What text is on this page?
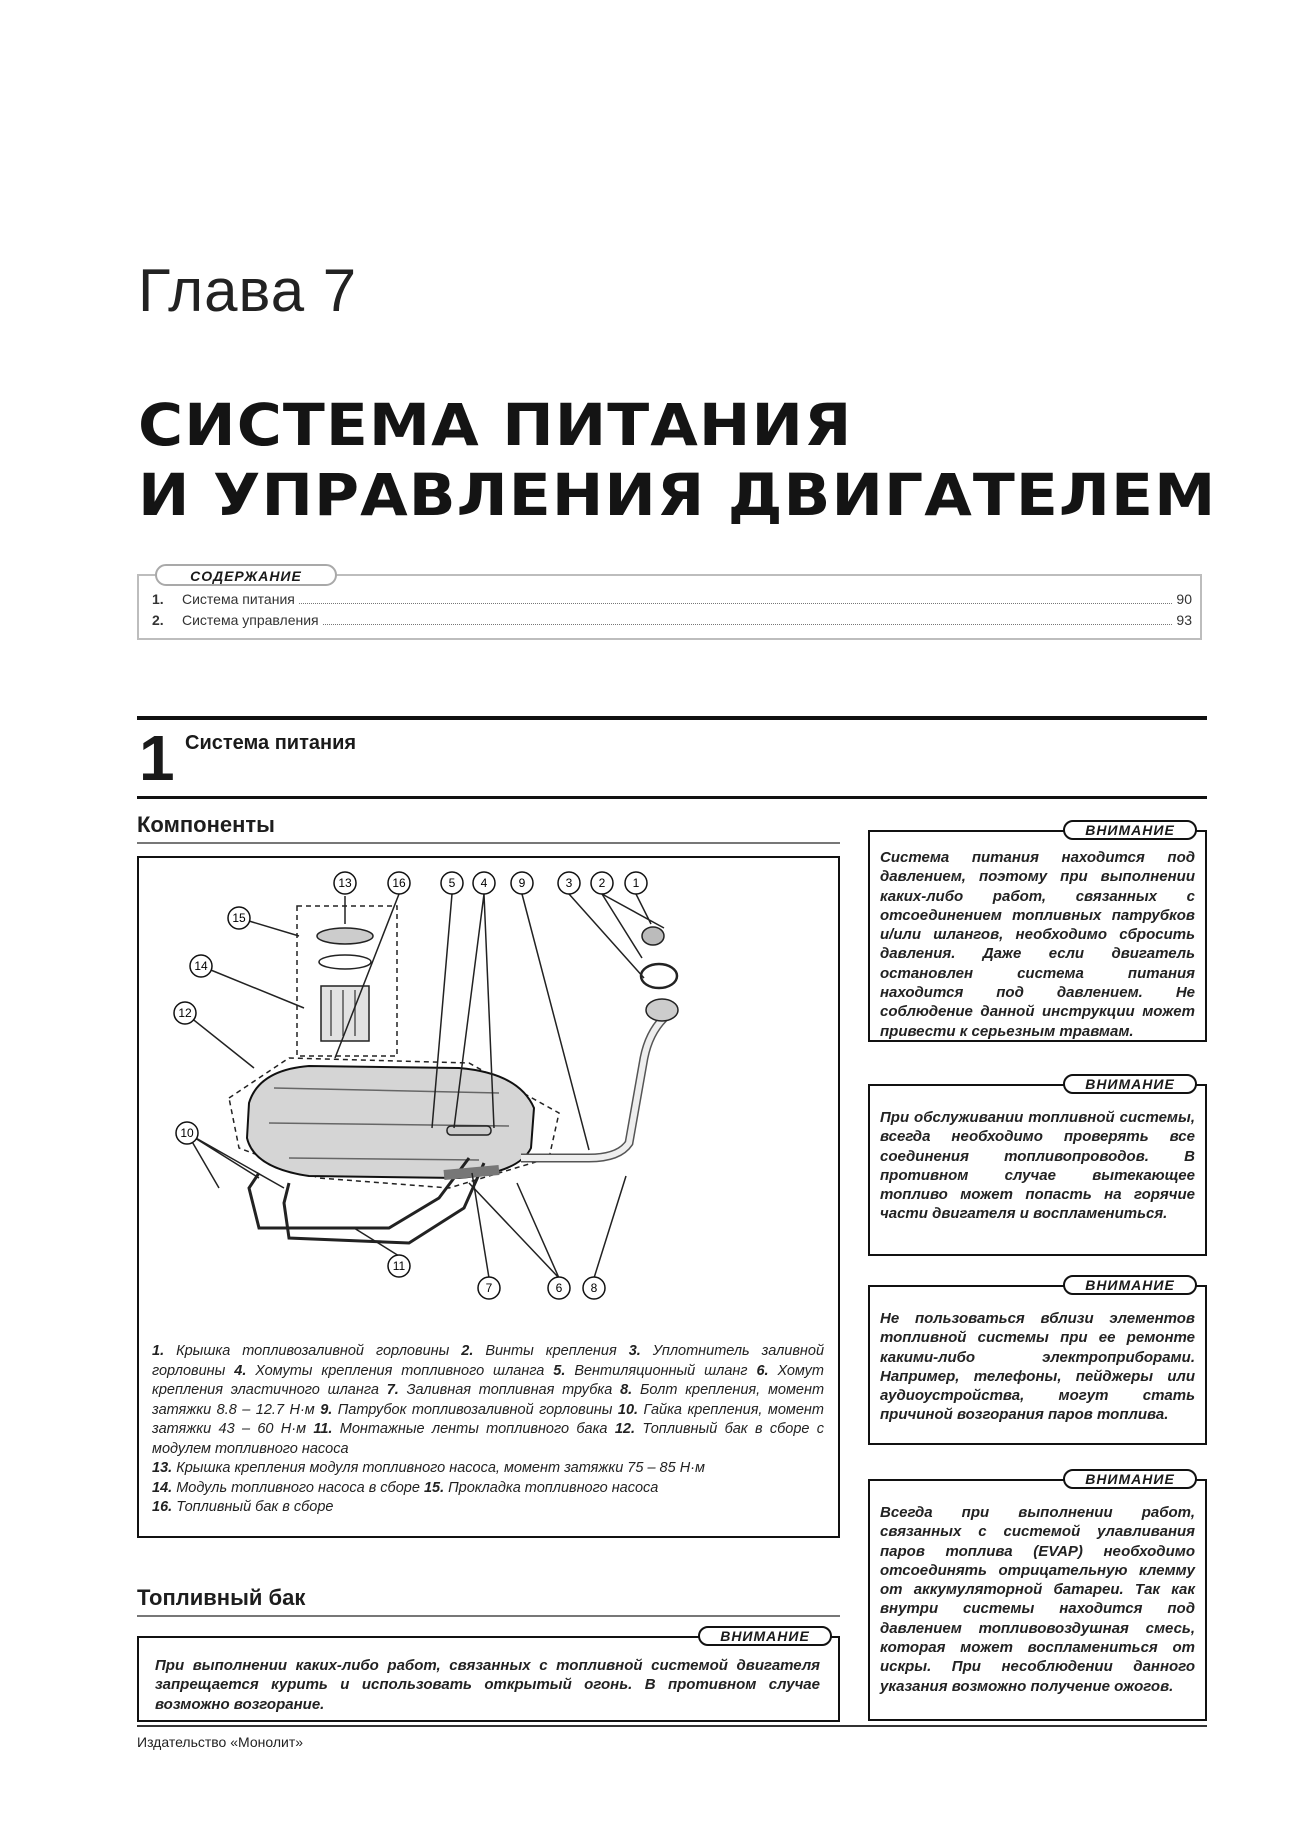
Глава 7
СИСТЕМА ПИТАНИЯ
И УПРАВЛЕНИЯ ДВИГАТЕЛЕМ
СОДЕРЖАНИЕ
1.	Система питания	90
2.	Система управления	93
1 Система питания
Компоненты
1
2
3
4
5
6
7	8
9
10
11
12
13
14
15
16
1. Крышка топливозаливной горловины 2. Винты крепления 3. Уплотнитель заливной горловины 4. Хомуты крепления топливного шланга 5. Вентиляционный шланг 6. Хомут крепления эластичного шланга 7. Заливная топливная трубка 8. Болт крепления, момент затяжки 8.8 – 12.7 Н·м 9. Патрубок топливозаливной горловины 10. Гайка крепления, момент затяжки 43 – 60 Н·м 11. Монтажные ленты топливного бака 12. Топливный бак в сборе с модулем топливного насоса
13. Крышка крепления модуля топливного насоса, момент затяжки 75 – 85 Н·м
14. Модуль топливного насоса в сборе 15. Прокладка топливного насоса
16. Топливный бак в сборе
Топливный бак
При выполнении каких-либо работ, связанных с топливной системой двигателя запрещается курить и использовать открытый огонь. В противном случае возможно возгорание.
ВНИМАНИЕ
Система питания находится под давлением, поэтому при выполнении каких-либо работ, связанных с отсоединением топливных патрубков и/или шлангов, необходимо сбросить давления. Даже если двигатель остановлен система питания находится под давлением. Не соблюдение данной инструкции может привести к серьезным травмам.
ВНИМАНИЕ
При обслуживании топливной системы, всегда необходимо проверять все соединения топливопроводов. В противном случае вытекающее топливо может попасть на горячие части двигателя и воспламениться.
ВНИМАНИЕ
Не пользоваться вблизи элементов топливной системы при ее ремонте какими-либо электроприборами. Например, телефоны, пейджеры или аудиоустройства, могут стать причиной возгорания паров топлива.
ВНИМАНИЕ
Всегда при выполнении работ, связанных с системой улавливания паров топлива (EVAP) необходимо отсоединять отрицательную клемму от аккумуляторной батареи. Так как внутри системы находится под давлением топливовоздушная смесь, которая может воспламениться от искры. При несоблюдении данного указания возможно получение ожогов.
ВНИМАНИЕ
Издательство «Монолит»
